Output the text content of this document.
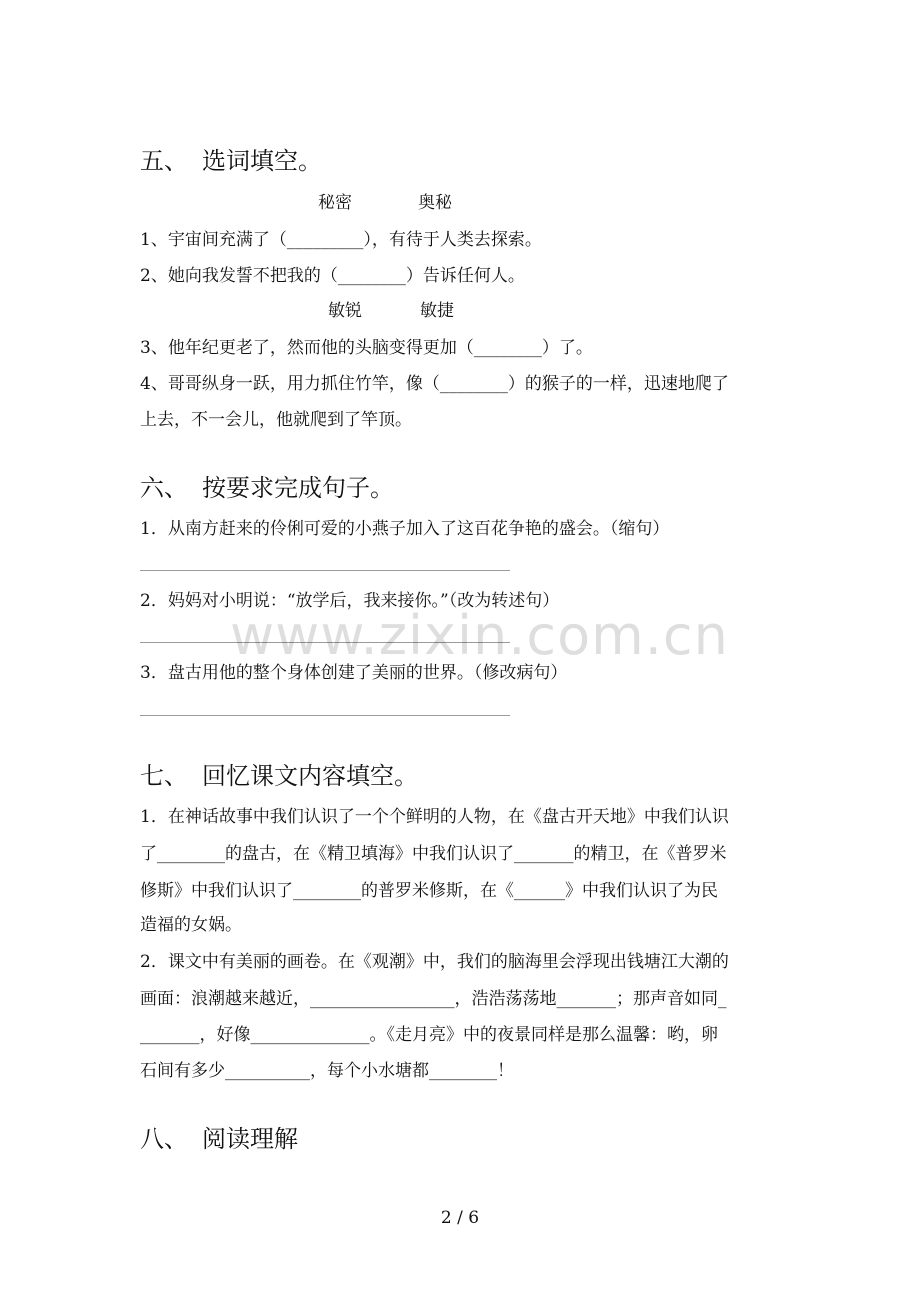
五、 选词填空。
秘密	奥秘
1、宇宙间充满了（_________），有待于人类去探索。
2、她向我发誓不把我的（________）告诉任何人。
敏锐	敏捷
3、他年纪更老了，然而他的头脑变得更加（________）了。
4、哥哥纵身一跃，用力抓住竹竿，像（________）的猴子的一样，迅速地爬了
上去，不一会儿，他就爬到了竿顶。
六、 按要求完成句子。
1．从南方赶来的伶俐可爱的小燕子加入了这百花争艳的盛会。（缩句）
2．妈妈对小明说：“放学后，我来接你。”（改为转述句）
3．盘古用他的整个身体创建了美丽的世界。（修改病句）
www.zixin.com.cn
七、 回忆课文内容填空。
1．在神话故事中我们认识了一个个鲜明的人物，在《盘古开天地》中我们认识
了________的盘古，在《精卫填海》中我们认识了_______的精卫，在《普罗米
修斯》中我们认识了________的普罗米修斯，在《______》中我们认识了为民
造福的女娲。
2．课文中有美丽的画卷。在《观潮》中，我们的脑海里会浮现出钱塘江大潮的
画面：浪潮越来越近，_________________，浩浩荡荡地_______；那声音如同_
_______，好像______________。《走月亮》中的夜景同样是那么温馨：哟，卵
石间有多少__________，每个小水塘都________！
八、 阅读理解
2 / 6
